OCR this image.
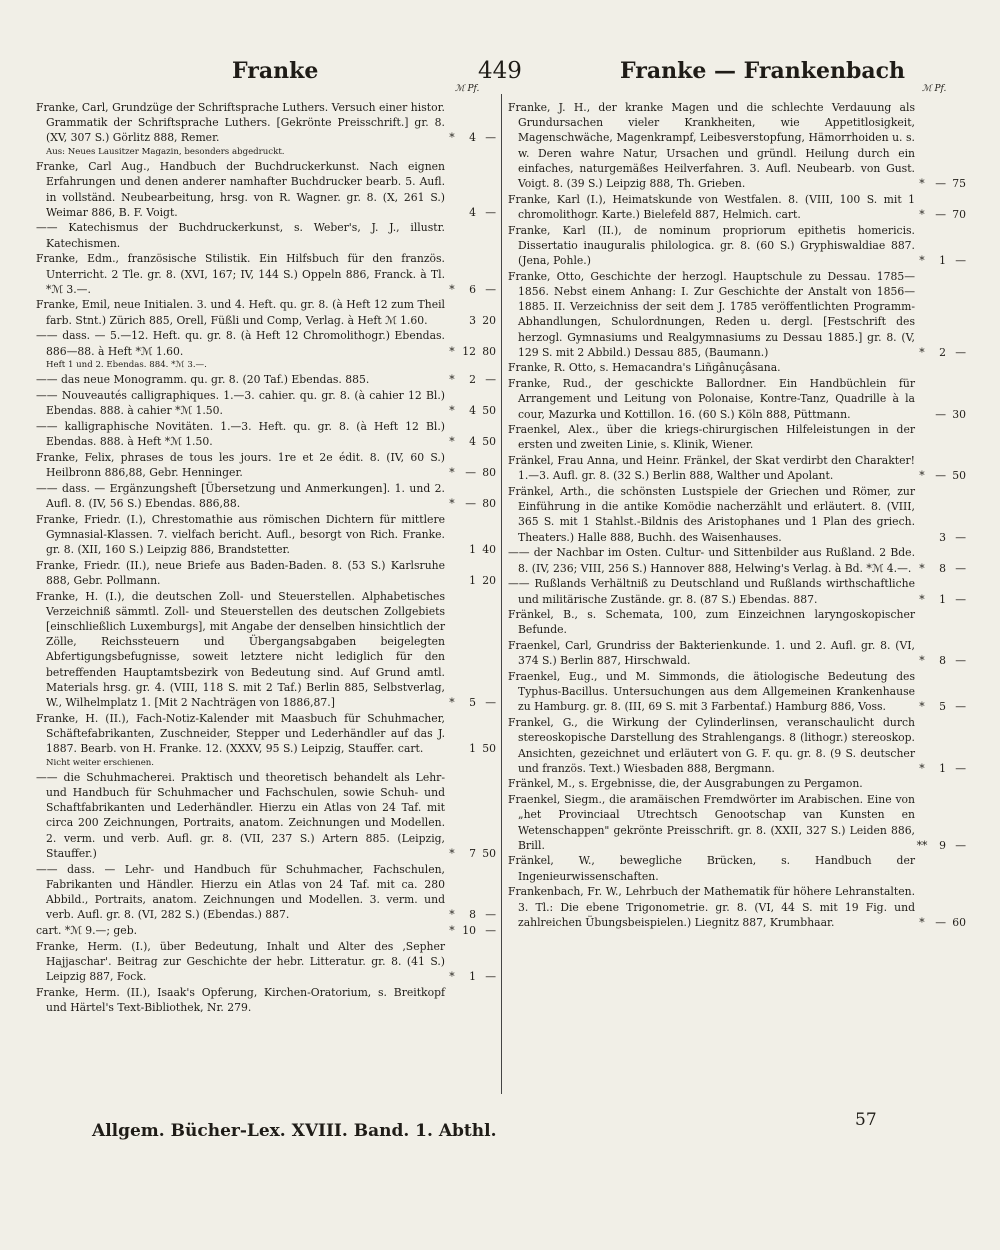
Franke	449	Franke — Frankenbach
ℳ Pf.	ℳ Pf.
Franke, Carl, Grundzüge der Schriftsprache Luthers. Versuch einer histor. Grammatik der Schriftsprache Luthers. [Gekrönte Preisschrift.] gr. 8. (XV, 307 S.) Görlitz 888, Remer.	*	4 —
Aus: Neues Lausitzer Magazin, besonders abgedruckt.
Franke, Carl Aug., Handbuch der Buchdruckerkunst. Nach eignen Erfahrungen und denen anderer namhafter Buchdrucker bearb. 5. Aufl. in vollständ. Neubearbeitung, hrsg. von R. Wagner. gr. 8. (X, 261 S.) Weimar 886, B. F. Voigt.	4 —
—— Katechismus der Buchdruckerkunst, s. Weber's, J. J., illustr. Katechismen.
Franke, Edm., französische Stilistik. Ein Hilfsbuch für den französ. Unterricht. 2 Tle. gr. 8. (XVI, 167; IV, 144 S.) Oppeln 886, Franck. à Tl. *ℳ 3.—.	*	6 —
Franke, Emil, neue Initialen. 3. und 4. Heft. qu. gr. 8. (à Heft 12 zum Theil farb. Stnt.) Zürich 885, Orell, Füßli und Comp, Verlag. à Heft ℳ 1.60.	3 20
—— dass. — 5.—12. Heft. qu. gr. 8. (à Heft 12 Chromolithogr.) Ebendas. 886—88. à Heft *ℳ 1.60.	* 12 80
Heft 1 und 2. Ebendas. 884. *ℳ 3.—.
—— das neue Monogramm. qu. gr. 8. (20 Taf.) Ebendas. 885.	*	2 —
—— Nouveautés calligraphiques. 1.—3. cahier. qu. gr. 8. (à cahier 12 Bl.) Ebendas. 888. à cahier *ℳ 1.50.	*	4 50
—— kalligraphische Novitäten. 1.—3. Heft. qu. gr. 8. (à Heft 12 Bl.) Ebendas. 888. à Heft *ℳ 1.50.	*	4 50
Franke, Felix, phrases de tous les jours. 1re et 2e édit. 8. (IV, 60 S.) Heilbronn 886,88, Gebr. Henninger.	* — 80
—— dass. — Ergänzungsheft [Übersetzung und Anmerkungen]. 1. und 2. Aufl. 8. (IV, 56 S.) Ebendas. 886,88.	* — 80
Franke, Friedr. (I.), Chrestomathie aus römischen Dichtern für mittlere Gymnasial-Klassen. 7. vielfach bericht. Aufl., besorgt von Rich. Franke. gr. 8. (XII, 160 S.) Leipzig 886, Brandstetter.	1 40
Franke, Friedr. (II.), neue Briefe aus Baden-Baden. 8. (53 S.) Karlsruhe 888, Gebr. Pollmann.	1 20
Franke, H. (I.), die deutschen Zoll- und Steuerstellen. Alphabetisches Verzeichniß sämmtl. Zoll- und Steuerstellen des deutschen Zollgebiets [einschließlich Luxemburgs], mit Angabe der denselben hinsichtlich der Zölle, Reichssteuern und Übergangsabgaben beigelegten Abfertigungsbefugnisse, soweit letztere nicht lediglich für den betreffenden Hauptamtsbezirk von Bedeutung sind. Auf Grund amtl. Materials hrsg. gr. 4. (VIII, 118 S. mit 2 Taf.) Berlin 885, Selbstverlag, W., Wilhelmplatz 1. [Mit 2 Nachträgen von 1886,87.]	*	5 —
Franke, H. (II.), Fach-Notiz-Kalender mit Maasbuch für Schuhmacher, Schäftefabrikanten, Zuschneider, Stepper und Lederhändler auf das J. 1887. Bearb. von H. Franke. 12. (XXXV, 95 S.) Leipzig, Stauffer. cart.	1 50
Nicht weiter erschienen.
—— die Schuhmacherei. Praktisch und theoretisch behandelt als Lehr- und Handbuch für Schuhmacher und Fachschulen, sowie Schuh- und Schaftfabrikanten und Lederhändler. Hierzu ein Atlas von 24 Taf. mit circa 200 Zeichnungen, Portraits, anatom. Zeichnungen und Modellen. 2. verm. und verb. Aufl. gr. 8. (VII, 237 S.) Artern 885. (Leipzig, Stauffer.)	*	7 50
—— dass. — Lehr- und Handbuch für Schuhmacher, Fachschulen, Fabrikanten und Händler. Hierzu ein Atlas von 24 Taf. mit ca. 280 Abbild., Portraits, anatom. Zeichnungen und Modellen. 3. verm. und verb. Aufl. gr. 8. (VI, 282 S.) (Ebendas.) 887.	*	8 —
cart. *ℳ 9.—; geb.	* 10 —
Franke, Herm. (I.), über Bedeutung, Inhalt und Alter des ‚Sepher Hajjaschar'. Beitrag zur Geschichte der hebr. Litteratur. gr. 8. (41 S.) Leipzig 887, Fock.	*	1 —
Franke, Herm. (II.), Isaak's Opferung, Kirchen-Oratorium, s. Breitkopf und Härtel's Text-Bibliothek, Nr. 279.
Franke, J. H., der kranke Magen und die schlechte Verdauung als Grundursachen vieler Krankheiten, wie Appetitlosigkeit, Magenschwäche, Magenkrampf, Leibesverstopfung, Hämorrhoiden u. s. w. Deren wahre Natur, Ursachen und gründl. Heilung durch ein einfaches, naturgemäßes Heilverfahren. 3. Aufl. Neubearb. von Gust. Voigt. 8. (39 S.) Leipzig 888, Th. Grieben.	* — 75
Franke, Karl (I.), Heimatskunde von Westfalen. 8. (VIII, 100 S. mit 1 chromolithogr. Karte.) Bielefeld 887, Helmich. cart.	* — 70
Franke, Karl (II.), de nominum propriorum epithetis homericis. Dissertatio inauguralis philologica. gr. 8. (60 S.) Gryphiswaldiae 887. (Jena, Pohle.)	*	1 —
Franke, Otto, Geschichte der herzogl. Hauptschule zu Dessau. 1785—1856. Nebst einem Anhang: I. Zur Geschichte der Anstalt von 1856—1885. II. Verzeichniss der seit dem J. 1785 veröffentlichten Programm-Abhandlungen, Schulordnungen, Reden u. dergl. [Festschrift des herzogl. Gymnasiums und Realgymnasiums zu Dessau 1885.] gr. 8. (V, 129 S. mit 2 Abbild.) Dessau 885, (Baumann.)	*	2 —
Franke, R. Otto, s. Hemacandra's Liñgânuçâsana.
Franke, Rud., der geschickte Ballordner. Ein Handbüchlein für Arrangement und Leitung von Polonaise, Kontre-Tanz, Quadrille à la cour, Mazurka und Kottillon. 16. (60 S.) Köln 888, Püttmann.	— 30
Fraenkel, Alex., über die kriegs-chirurgischen Hilfeleistungen in der ersten und zweiten Linie, s. Klinik, Wiener.
Fränkel, Frau Anna, und Heinr. Fränkel, der Skat verdirbt den Charakter! 1.—3. Aufl. gr. 8. (32 S.) Berlin 888, Walther und Apolant.	* — 50
Fränkel, Arth., die schönsten Lustspiele der Griechen und Römer, zur Einführung in die antike Komödie nacherzählt und erläutert. 8. (VIII, 365 S. mit 1 Stahlst.-Bildnis des Aristophanes und 1 Plan des griech. Theaters.) Halle 888, Buchh. des Waisenhauses.	3 —
—— der Nachbar im Osten. Cultur- und Sittenbilder aus Rußland. 2 Bde. 8. (IV, 236; VIII, 256 S.) Hannover 888, Helwing's Verlag. à Bd. *ℳ 4.—. *	8 —
—— Rußlands Verhältniß zu Deutschland und Rußlands wirthschaftliche und militärische Zustände. gr. 8. (87 S.) Ebendas. 887.	*	1 —
Fränkel, B., s. Schemata, 100, zum Einzeichnen laryngoskopischer Befunde.
Fraenkel, Carl, Grundriss der Bakterienkunde. 1. und 2. Aufl. gr. 8. (VI, 374 S.) Berlin 887, Hirschwald.	*	8 —
Fraenkel, Eug., und M. Simmonds, die ätiologische Bedeutung des Typhus-Bacillus. Untersuchungen aus dem Allgemeinen Krankenhause zu Hamburg. gr. 8. (III, 69 S. mit 3 Farbentaf.) Hamburg 886, Voss.	*	5 —
Frankel, G., die Wirkung der Cylinderlinsen, veranschaulicht durch stereoskopische Darstellung des Strahlengangs. 8 (lithogr.) stereoskop. Ansichten, gezeichnet und erläutert von G. F. qu. gr. 8. (9 S. deutscher und französ. Text.) Wiesbaden 888, Bergmann.	*	1 —
Fränkel, M., s. Ergebnisse, die, der Ausgrabungen zu Pergamon.
Fraenkel, Siegm., die aramäischen Fremdwörter im Arabischen. Eine von „het Provinciaal Utrechtsch Genootschap van Kunsten en Wetenschappen" gekrönte Preisschrift. gr. 8. (XXII, 327 S.) Leiden 886, Brill.	**	9 —
Fränkel, W., bewegliche Brücken, s. Handbuch der Ingenieurwissenschaften.
Frankenbach, Fr. W., Lehrbuch der Mathematik für höhere Lehranstalten. 3. Tl.: Die ebene Trigonometrie. gr. 8. (VI, 44 S. mit 19 Fig. und zahlreichen Übungsbeispielen.) Liegnitz 887, Krumbhaar.	* — 60
Allgem. Bücher-Lex. XVIII. Band. 1. Abthl.
57
